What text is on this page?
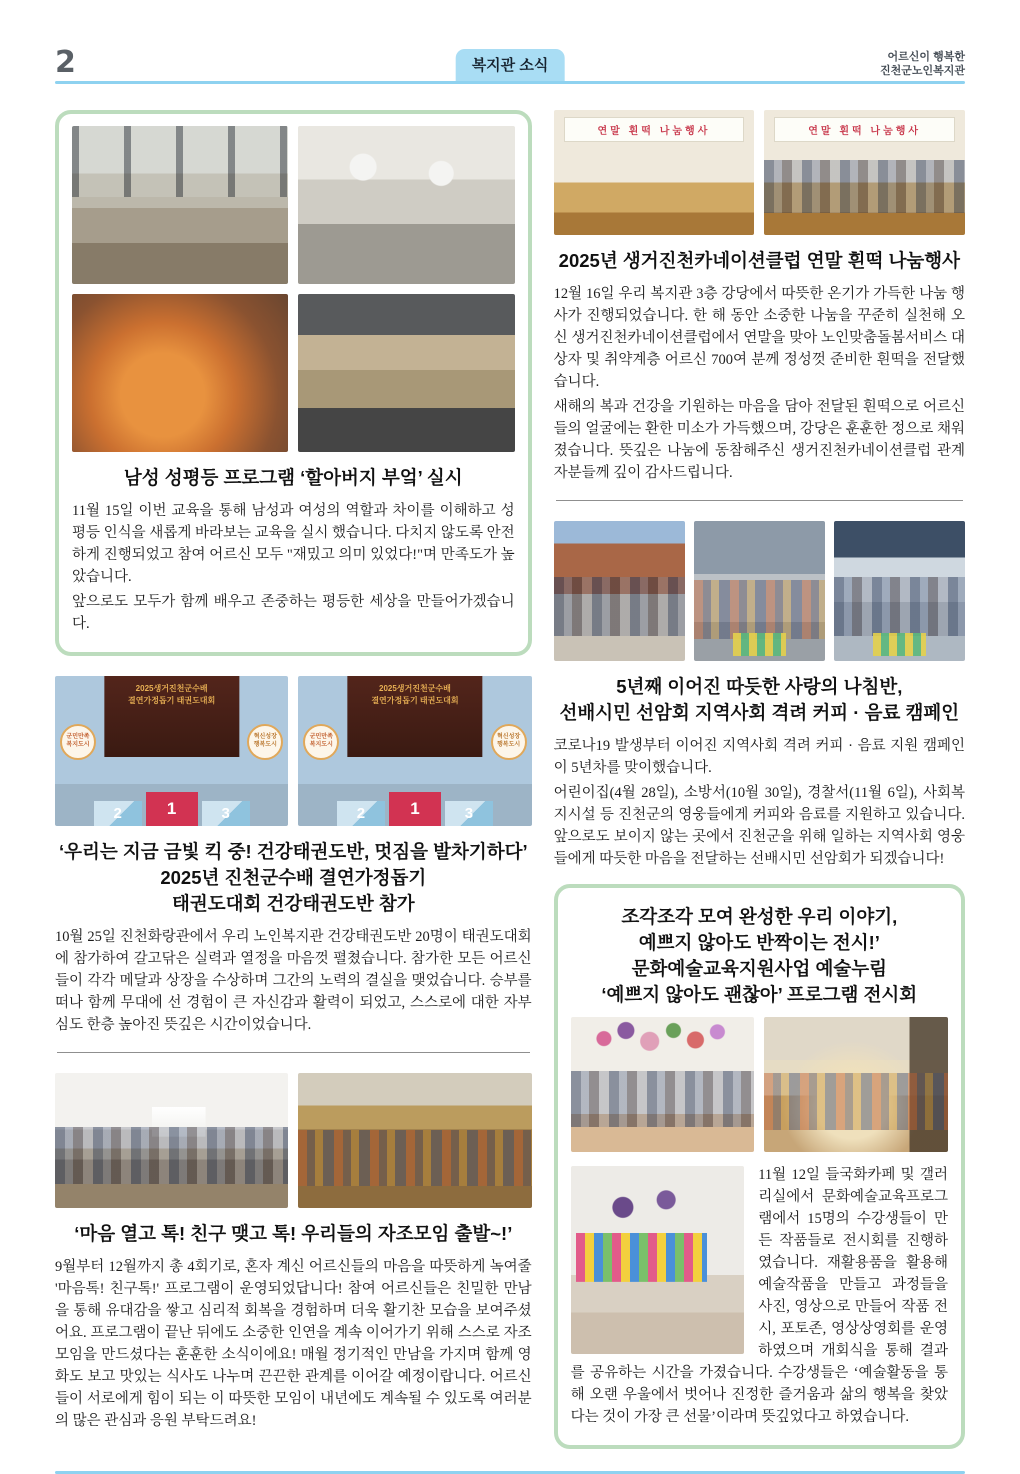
2	복지관 소식
어르신이 행복한
진천군노인복지관
남성 성평등 프로그램 ‘할아버지 부엌’ 실시

11월 15일 이번 교육을 통해 남성과 여성의 역할과 차이를 이해하고 성평등 인식을 새롭게 바라보는 교육을 실시 했습니다. 다치지 않도록 안전하게 진행되었고 참여 어르신 모두 "재밌고 의미 있었다!"며 만족도가 높았습니다.

앞으로도 모두가 함께 배우고 존중하는 평등한 세상을 만들어가겠습니다.

2025생거진천군수배
결연가정돕기 태권도대회
군민만족
복지도시
혁신성장
행복도시
2	1	3
2025생거진천군수배
결연가정돕기 태권도대회
군민만족
복지도시
혁신성장
행복도시
2	1	3
‘우리는 지금 금빛 킥 중! 건강태권도반, 멋짐을 발차기하다’
2025년 진천군수배 결연가정돕기
태권도대회 건강태권도반 참가

10월 25일 진천화랑관에서 우리 노인복지관 건강태권도반 20명이 태권도대회에 참가하여 갈고닦은 실력과 열정을 마음껏 펼쳤습니다. 참가한 모든 어르신들이 각각 메달과 상장을 수상하며 그간의 노력의 결실을 맺었습니다. 승부를 떠나 함께 무대에 선 경험이 큰 자신감과 활력이 되었고, 스스로에 대한 자부심도 한층 높아진 뜻깊은 시간이었습니다.

‘마음 열고 톡! 친구 맺고 톡! 우리들의 자조모임 출발~!’

9월부터 12월까지 총 4회기로, 혼자 계신 어르신들의 마음을 따뜻하게 녹여줄 '마음톡! 친구톡!' 프로그램이 운영되었답니다! 참여 어르신들은 친밀한 만남을 통해 유대감을 쌓고 심리적 회복을 경험하며 더욱 활기찬 모습을 보여주셨어요. 프로그램이 끝난 뒤에도 소중한 인연을 계속 이어가기 위해 스스로 자조모임을 만드셨다는 훈훈한 소식이에요! 매월 정기적인 만남을 가지며 함께 영화도 보고 맛있는 식사도 나누며 끈끈한 관계를 이어갈 예정이랍니다. 어르신들이 서로에게 힘이 되는 이 따뜻한 모임이 내년에도 계속될 수 있도록 여러분의 많은 관심과 응원 부탁드려요!

연말 흰떡 나눔행사	연말 흰떡 나눔행사
2025년 생거진천카네이션클럽 연말 흰떡 나눔행사

12월 16일 우리 복지관 3층 강당에서 따뜻한 온기가 가득한 나눔 행사가 진행되었습니다. 한 해 동안 소중한 나눔을 꾸준히 실천해 오신 생거진천카네이션클럽에서 연말을 맞아 노인맞춤돌봄서비스 대상자 및 취약계층 어르신 700여 분께 정성껏 준비한 흰떡을 전달했습니다.

새해의 복과 건강을 기원하는 마음을 담아 전달된 흰떡으로 어르신들의 얼굴에는 환한 미소가 가득했으며, 강당은 훈훈한 정으로 채워졌습니다. 뜻깊은 나눔에 동참해주신 생거진천카네이션클럽 관계자분들께 깊이 감사드립니다.

5년째 이어진 따듯한 사랑의 나침반,
선배시민 선암회 지역사회 격려 커피 · 음료 캠페인

코로나19 발생부터 이어진 지역사회 격려 커피 · 음료 지원 캠페인이 5년차를 맞이했습니다.

어린이집(4월 28일), 소방서(10월 30일), 경찰서(11월 6일), 사회복지시설 등 진천군의 영웅들에게 커피와 음료를 지원하고 있습니다. 앞으로도 보이지 않는 곳에서 진천군을 위해 일하는 지역사회 영웅들에게 따듯한 마음을 전달하는 선배시민 선암회가 되겠습니다!

조각조각 모여 완성한 우리 이야기,
예쁘지 않아도 반짝이는 전시!’
문화예술교육지원사업 예술누림
‘예쁘지 않아도 괜찮아’ 프로그램 전시회

11월 12일 들국화카페 및 갤러리실에서 문화예술교육프로그램에서 15명의 수강생들이 만든 작품들로 전시회를 진행하였습니다. 재활용품을 활용해 예술작품을 만들고 과정들을 사진, 영상으로 만들어 작품 전시, 포토존, 영상상영회를 운영하였으며 개회식을 통해 결과를 공유하는 시간을 가졌습니다. 수강생들은 ‘예술활동을 통해 오랜 우울에서 벗어나 진정한 즐거움과 삶의 행복을 찾았다는 것이 가장 큰 선물’이라며 뜻깊었다고 하였습니다.
